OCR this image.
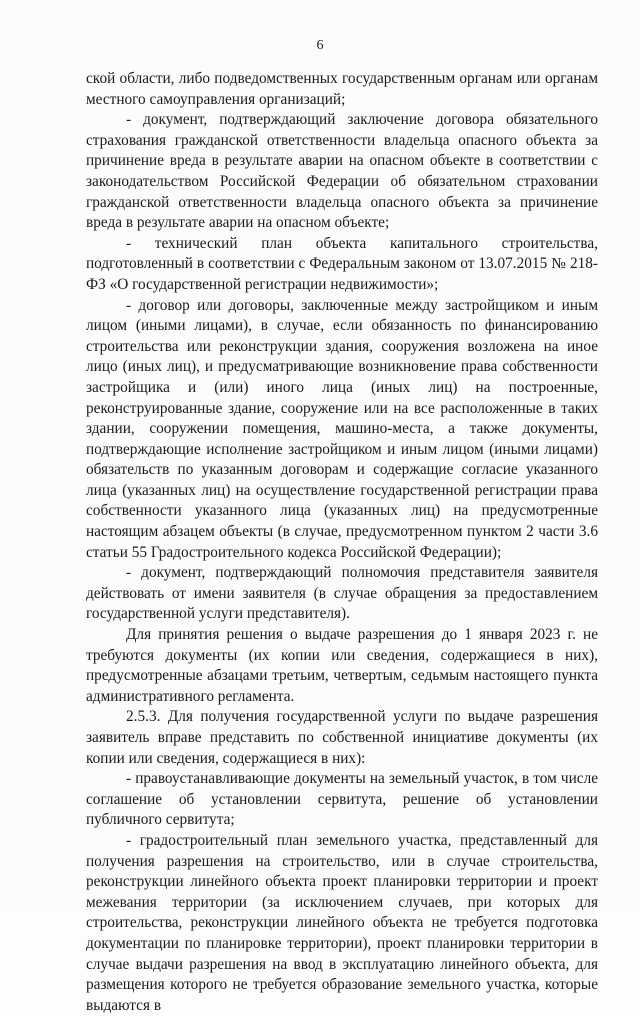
6

ской области, либо подведомственных государственным органам или органам местного самоуправления организаций;

- документ, подтверждающий заключение договора обязательного страхования гражданской ответственности владельца опасного объекта за причинение вреда в результате аварии на опасном объекте в соответствии с законодательством Российской Федерации об обязательном страховании гражданской ответственности владельца опасного объекта за причинение вреда в результате аварии на опасном объекте;

- технический план объекта капитального строительства, подготовленный в соответствии с Федеральным законом от 13.07.2015 № 218-ФЗ «О государственной регистрации недвижимости»;

- договор или договоры, заключенные между застройщиком и иным лицом (иными лицами), в случае, если обязанность по финансированию строительства или реконструкции здания, сооружения возложена на иное лицо (иных лиц), и предусматривающие возникновение права собственности застройщика и (или) иного лица (иных лиц) на построенные, реконструированные здание, сооружение или на все расположенные в таких здании, сооружении помещения, машино-места, а также документы, подтверждающие исполнение застройщиком и иным лицом (иными лицами) обязательств по указанным договорам и содержащие согласие указанного лица (указанных лиц) на осуществление государственной регистрации права собственности указанного лица (указанных лиц) на предусмотренные настоящим абзацем объекты (в случае, предусмотренном пунктом 2 части 3.6 статьи 55 Градостроительного кодекса Российской Федерации);

- документ, подтверждающий полномочия представителя заявителя действовать от имени заявителя (в случае обращения за предоставлением государственной услуги представителя).

Для принятия решения о выдаче разрешения до 1 января 2023 г. не требуются документы (их копии или сведения, содержащиеся в них), предусмотренные абзацами третьим, четвертым, седьмым настоящего пункта административного регламента.

2.5.3. Для получения государственной услуги по выдаче разрешения заявитель вправе представить по собственной инициативе документы (их копии или сведения, содержащиеся в них):

- правоустанавливающие документы на земельный участок, в том числе соглашение об установлении сервитута, решение об установлении публичного сервитута;

- градостроительный план земельного участка, представленный для получения разрешения на строительство, или в случае строительства, реконструкции линейного объекта проект планировки территории и проект межевания территории (за исключением случаев, при которых для строительства, реконструкции линейного объекта не требуется подготовка документации по планировке территории), проект планировки территории в случае выдачи разрешения на ввод в эксплуатацию линейного объекта, для размещения которого не требуется образование земельного участка, которые выдаются в
